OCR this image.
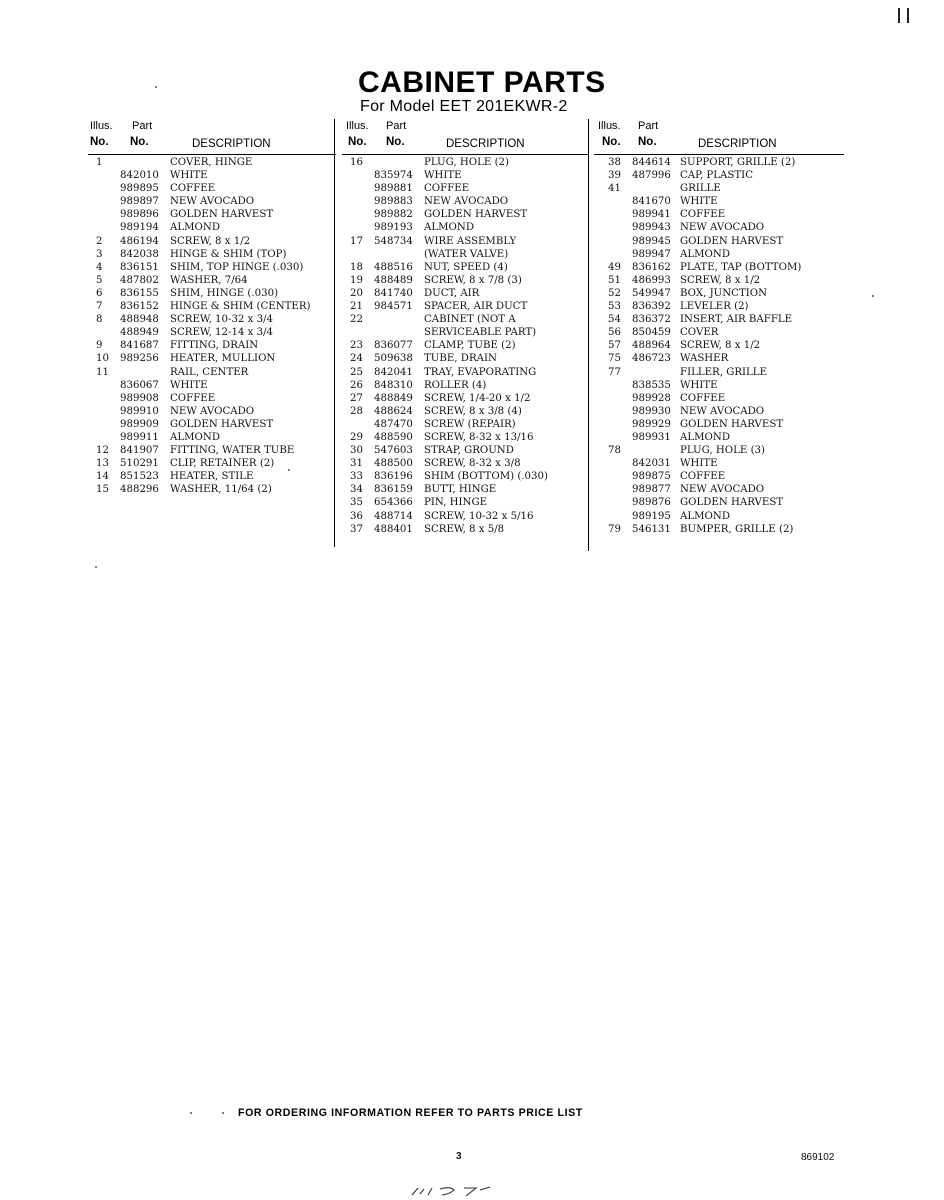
CABINET PARTS
For Model EET 201EKWR-2
Illus. Part
No. No.	DESCRIPTION
1	COVER, HINGE
842010 WHITE
989895 COFFEE
989897 NEW AVOCADO
989896 GOLDEN HARVEST
989194 ALMOND
2 486194 SCREW, 8 x 1/2
3 842038 HINGE & SHIM (TOP)
4 836151 SHIM, TOP HINGE (.030)
5 487802 WASHER, 7/64
6 836155 SHIM, HINGE (.030)
7 836152 HINGE & SHIM (CENTER)
8 488948 SCREW, 10-32 x 3/4
488949 SCREW, 12-14 x 3/4
9 841687 FITTING, DRAIN
10 989256 HEATER, MULLION
11	RAIL, CENTER
836067 WHITE
989908 COFFEE
989910 NEW AVOCADO
989909 GOLDEN HARVEST
989911 ALMOND
12 841907 FITTING, WATER TUBE
13 510291 CLIP, RETAINER (2)
14 851523 HEATER, STILE
15 488296 WASHER, 11/64 (2)
Illus. Part
No. No.	DESCRIPTION
16	PLUG, HOLE (2)
835974 WHITE
989881 COFFEE
989883 NEW AVOCADO
989882 GOLDEN HARVEST
989193 ALMOND
17 548734 WIRE ASSEMBLY
(WATER VALVE)
18 488516 NUT, SPEED (4)
19 488489 SCREW, 8 x 7/8 (3)
20 841740 DUCT, AIR
21 984571 SPACER, AIR DUCT
22	CABINET (NOT A
SERVICEABLE PART)
23 836077 CLAMP, TUBE (2)
24 509638 TUBE, DRAIN
25 842041 TRAY, EVAPORATING
26 848310 ROLLER (4)
27 488849 SCREW, 1/4-20 x 1/2
28 488624 SCREW, 8 x 3/8 (4)
487470 SCREW (REPAIR)
29 488590 SCREW, 8-32 x 13/16
30 547603 STRAP, GROUND
31 488500 SCREW, 8-32 x 3/8
33 836196 SHIM (BOTTOM) (.030)
34 836159 BUTT, HINGE
35 654366 PIN, HINGE
36 488714 SCREW, 10-32 x 5/16
37 488401 SCREW, 8 x 5/8
Illus. Part
No. No.	DESCRIPTION
38 844614 SUPPORT, GRILLE (2)
39 487996 CAP, PLASTIC
41	GRILLE
841670 WHITE
989941 COFFEE
989943 NEW AVOCADO
989945 GOLDEN HARVEST
989947 ALMOND
49 836162 PLATE, TAP (BOTTOM)
51 486993 SCREW, 8 x 1/2
52 549947 BOX, JUNCTION
53 836392 LEVELER (2)
54 836372 INSERT, AIR BAFFLE
56 850459 COVER
57 488964 SCREW, 8 x 1/2
75 486723 WASHER
77	FILLER, GRILLE
838535 WHITE
989928 COFFEE
989930 NEW AVOCADO
989929 GOLDEN HARVEST
989931 ALMOND
78	PLUG, HOLE (3)
842031 WHITE
989875 COFFEE
989877 NEW AVOCADO
989876 GOLDEN HARVEST
989195 ALMOND
79 546131 BUMPER, GRILLE (2)
FOR ORDERING INFORMATION REFER TO PARTS PRICE LIST
3	869102
